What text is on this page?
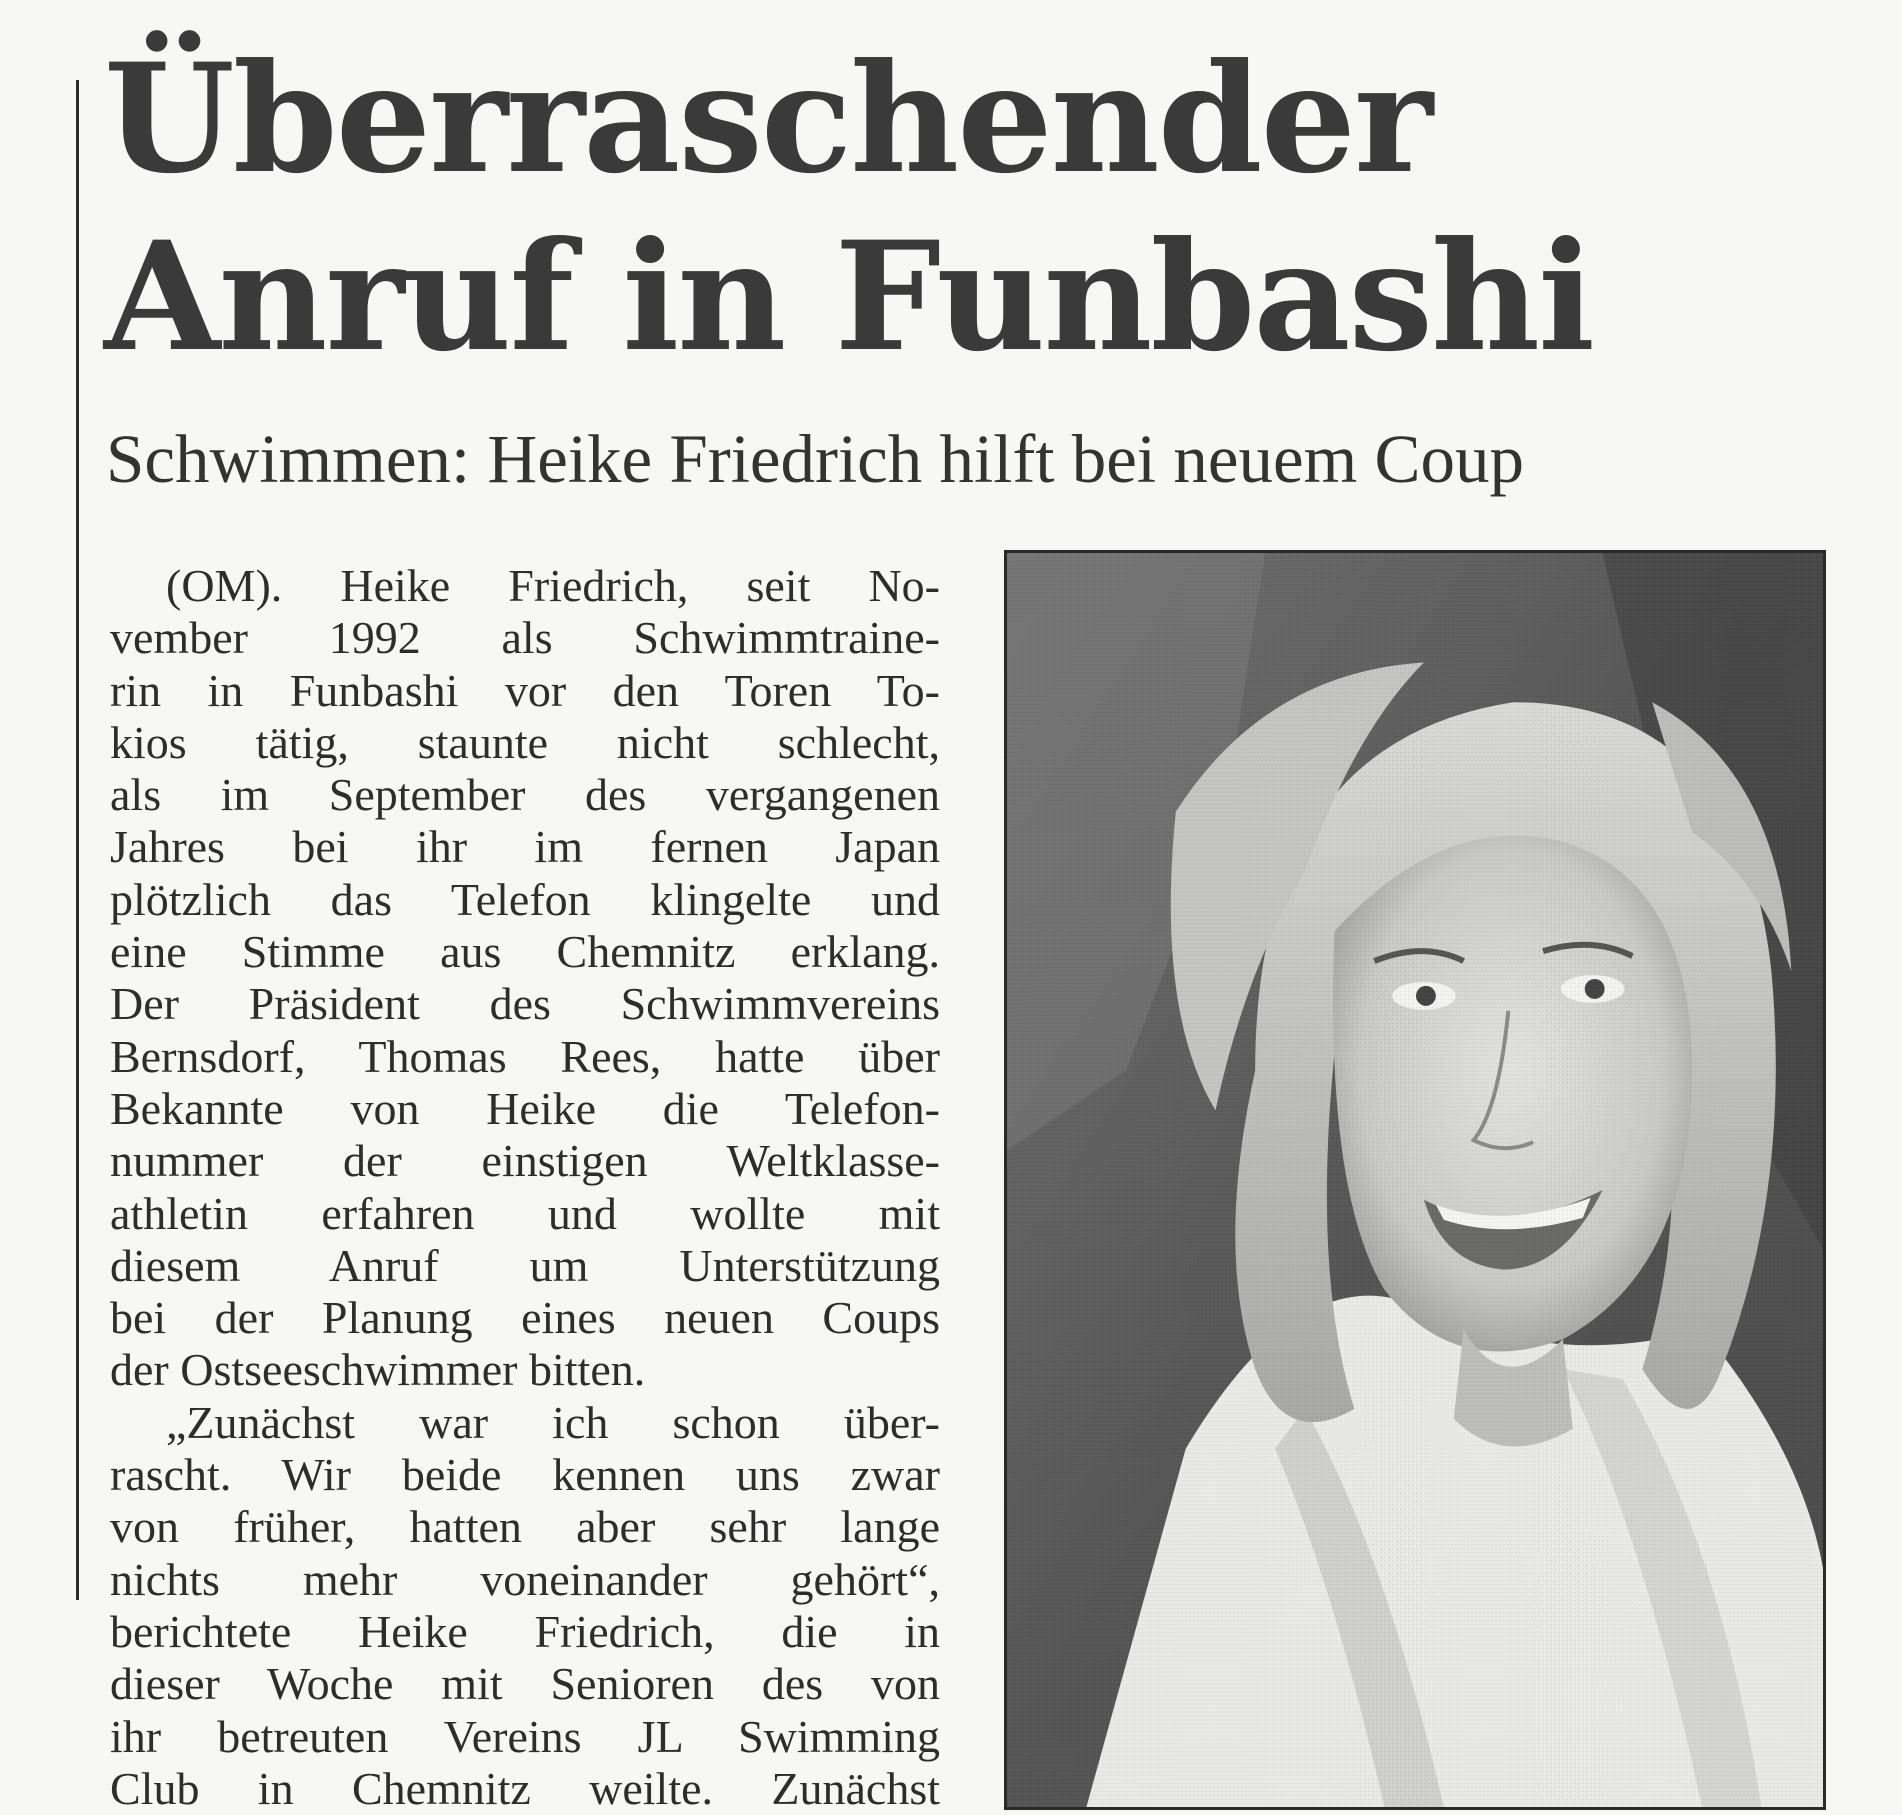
Überraschender
Anruf in Funbashi
Schwimmen: Heike Friedrich hilft bei neuem Coup
(OM). Heike Friedrich, seit No-
vember 1992 als Schwimmtraine-
rin in Funbashi vor den Toren To-
kios tätig, staunte nicht schlecht,
als im September des vergangenen
Jahres bei ihr im fernen Japan
plötzlich das Telefon klingelte und
eine Stimme aus Chemnitz erklang.
Der Präsident des Schwimmvereins
Bernsdorf, Thomas Rees, hatte über
Bekannte von Heike die Telefon-
nummer der einstigen Weltklasse-
athletin erfahren und wollte mit
diesem Anruf um Unterstützung
bei der Planung eines neuen Coups
der Ostseeschwimmer bitten.
„Zunächst war ich schon über-
rascht. Wir beide kennen uns zwar
von früher, hatten aber sehr lange
nichts mehr voneinander gehört“,
berichtete Heike Friedrich, die in
dieser Woche mit Senioren des von
ihr betreuten Vereins JL Swimming
Club in Chemnitz weilte. Zunächst
